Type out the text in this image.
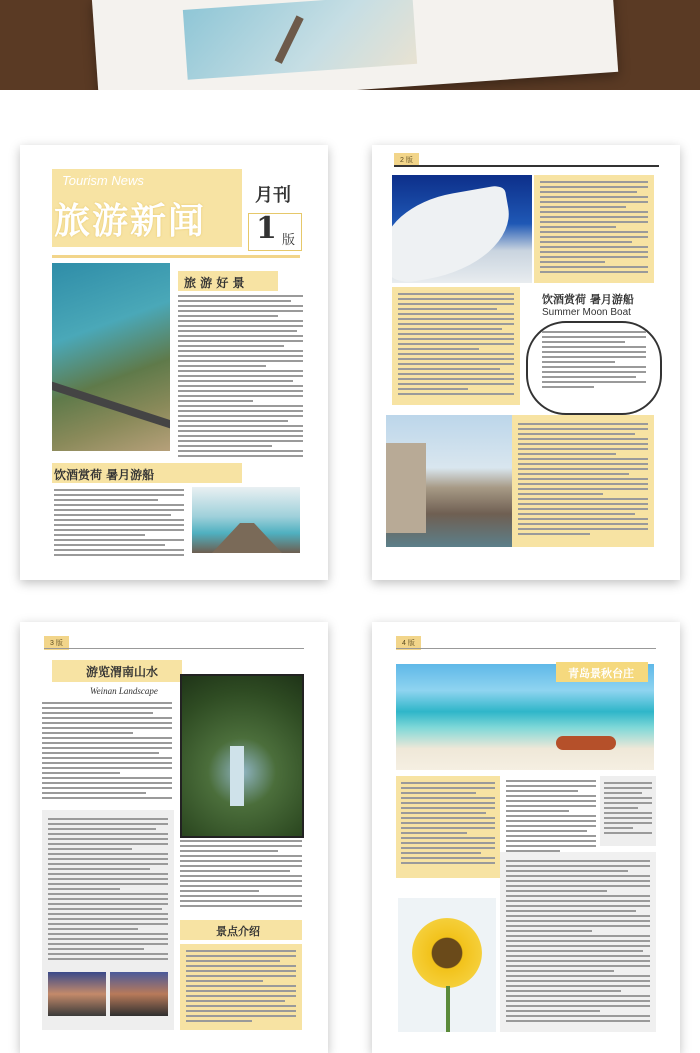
Tourism News
旅游新闻
月刊
1 版
旅 游 好 景
饮酒赏荷 暑月游船
2 版
饮酒赏荷 暑月游船
Summer Moon Boat
3 版
游览渭南山水
Weinan Landscape
景点介绍
4 版
青岛景秋台庄
